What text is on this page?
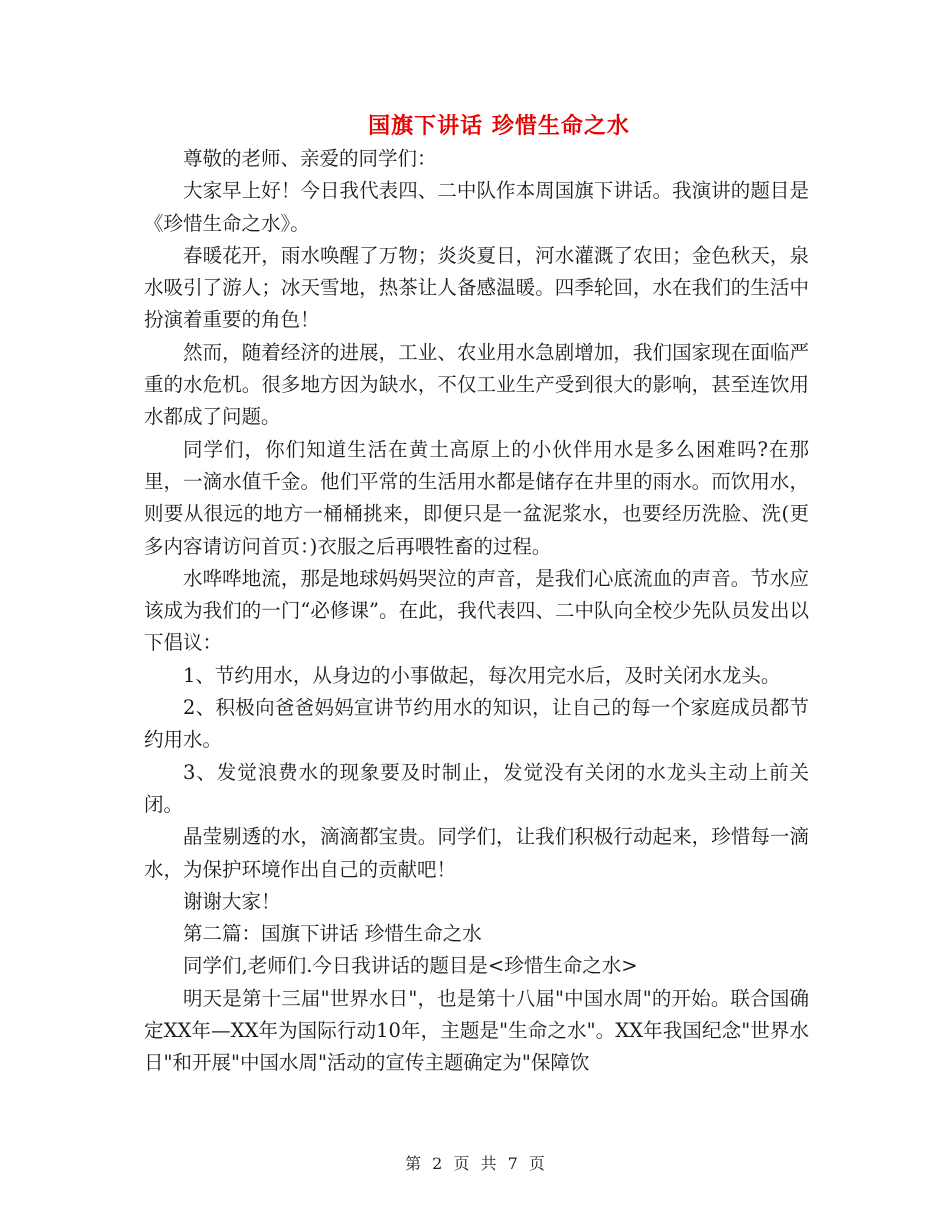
国旗下讲话 珍惜生命之水

尊敬的老师、亲爱的同学们：

大家早上好！今日我代表四、二中队作本周国旗下讲话。我演讲的题目是《珍惜生命之水》。

春暖花开，雨水唤醒了万物；炎炎夏日，河水灌溉了农田；金色秋天，泉水吸引了游人；冰天雪地，热茶让人备感温暖。四季轮回，水在我们的生活中扮演着重要的角色！

然而，随着经济的进展，工业、农业用水急剧增加，我们国家现在面临严重的水危机。很多地方因为缺水，不仅工业生产受到很大的影响，甚至连饮用水都成了问题。

同学们，你们知道生活在黄土高原上的小伙伴用水是多么困难吗?在那里，一滴水值千金。他们平常的生活用水都是储存在井里的雨水。而饮用水，则要从很远的地方一桶桶挑来，即便只是一盆泥浆水，也要经历洗脸、洗(更多内容请访问首页：)衣服之后再喂牲畜的过程。

水哗哗地流，那是地球妈妈哭泣的声音，是我们心底流血的声音。节水应该成为我们的一门“必修课”。在此，我代表四、二中队向全校少先队员发出以下倡议：

1、节约用水，从身边的小事做起，每次用完水后，及时关闭水龙头。

2、积极向爸爸妈妈宣讲节约用水的知识，让自己的每一个家庭成员都节约用水。

3、发觉浪费水的现象要及时制止，发觉没有关闭的水龙头主动上前关闭。

晶莹剔透的水，滴滴都宝贵。同学们，让我们积极行动起来，珍惜每一滴水，为保护环境作出自己的贡献吧！

谢谢大家！

第二篇：国旗下讲话 珍惜生命之水

同学们,老师们.今日我讲话的题目是<珍惜生命之水>

明天是第十三届"世界水日"，也是第十八届"中国水周"的开始。联合国确定XX年—XX年为国际行动10年，主题是"生命之水"。XX年我国纪念"世界水日"和开展"中国水周"活动的宣传主题确定为"保障饮

第 2 页 共 7 页
